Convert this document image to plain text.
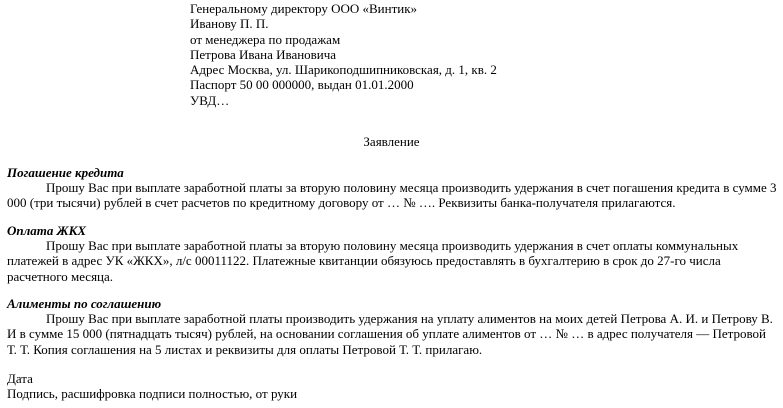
Генеральному директору ООО «Винтик»
Иванову П. П.
от менеджера по продажам
Петрова Ивана Ивановича
Адрес Москва, ул. Шарикоподшипниковская, д. 1, кв. 2
Паспорт 50 00 000000, выдан 01.01.2000
УВД…
Заявление
Погашение кредита
Прошу Вас при выплате заработной платы за вторую половину месяца производить удержания в счет погашения кредита в сумме 3 000 (три тысячи) рублей в счет расчетов по кредитному договору от … № …. Реквизиты банка-получателя прилагаются.
Оплата ЖКХ
Прошу Вас при выплате заработной платы за вторую половину месяца производить удержания в счет оплаты коммунальных платежей в адрес УК «ЖКХ», л/с 00011122. Платежные квитанции обязуюсь предоставлять в бухгалтерию в срок до 27-го числа расчетного месяца.
Алименты по соглашению
Прошу Вас при выплате заработной платы производить удержания на уплату алиментов на моих детей Петрова А. И. и Петрову В. И в сумме 15 000 (пятнадцать тысяч) рублей, на основании соглашения об уплате алиментов от … № … в адрес получателя — Петровой Т. Т. Копия соглашения на 5 листах и реквизиты для оплаты Петровой Т. Т. прилагаю.
Дата
Подпись, расшифровка подписи полностью, от руки
